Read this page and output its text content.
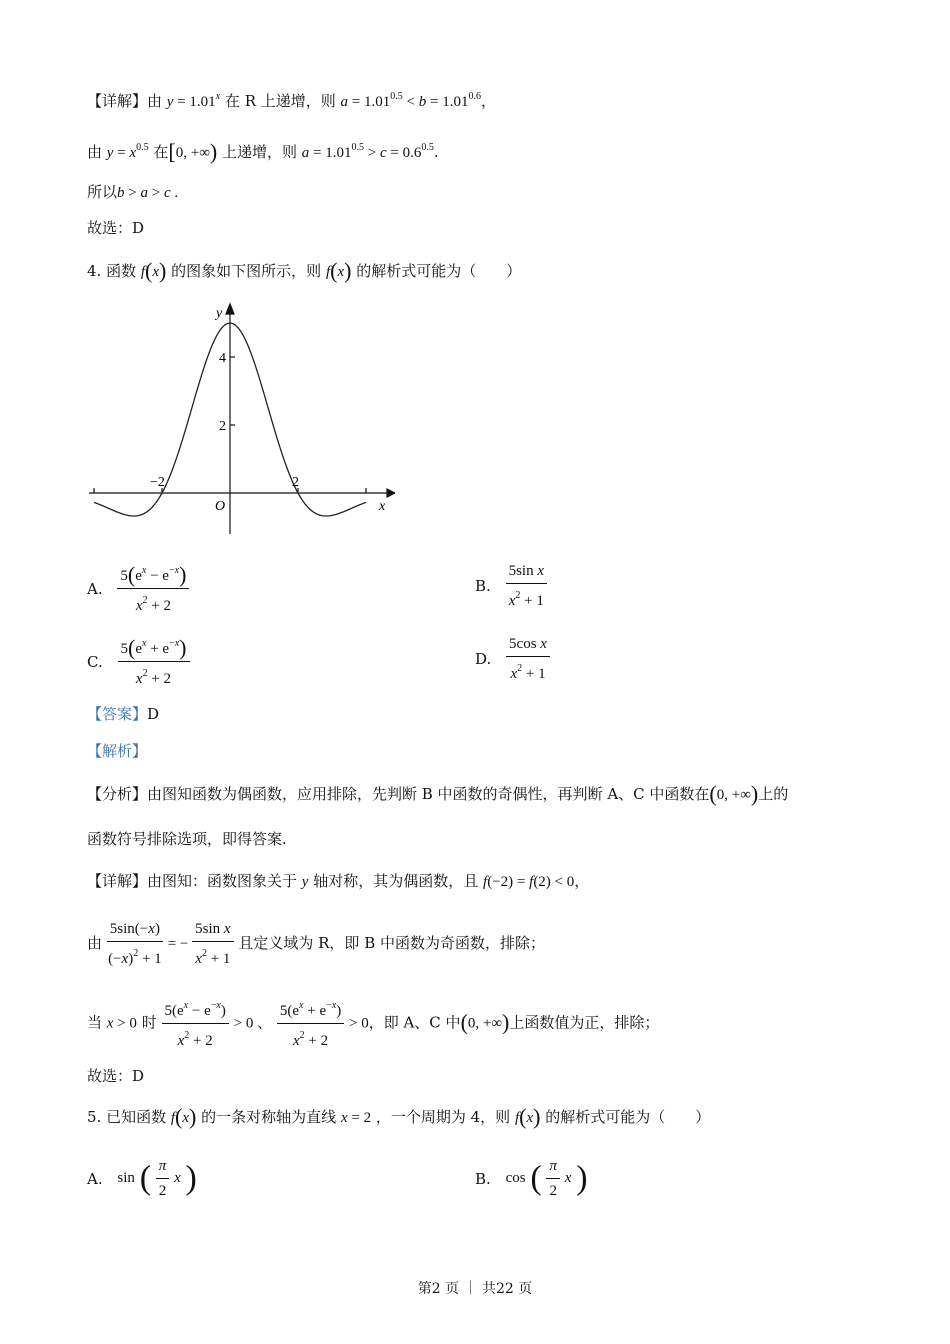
【详解】由 $y = 1.01^x$ 在 R 上递增，则 $a = 1.01^{0.5} < b = 1.01^{0.6}$，
由 $y = x^{0.5}$ 在[0, +∞) 上递增，则 $a = 1.01^{0.5} > c = 0.6^{0.5}$.
所以b > a > c .
故选：D
4. 函数 f(x) 的图象如下图所示，则 f(x) 的解析式可能为（　　）
−2	2
2
4
O	x
y
A. $\frac{5(e^x - e^{-x})}{x^2 + 2}$	B. $\frac{\text{5sin x}}{x^2 + 1}$
C. $\frac{5(e^x + e^{-x})}{x^2 + 2}$	D. $\frac{\text{5cos x}}{x^2 + 1}$
【答案】D
【解析】
【分析】由图知函数为偶函数，应用排除，先判断 B 中函数的奇偶性，再判断 A、C 中函数在(0, +∞)上的
函数符号排除选项，即得答案.
【详解】由图知：函数图象关于 y 轴对称，其为偶函数，且 f(−2) = f(2) < 0，
由 $\frac{5\sin(-x)}{(-x)^2 + 1}$ = − $\frac{\text{5sin x}}{x^2 + 1}$ 且定义域为 R，即 B 中函数为奇函数，排除；
当 x > 0 时 $\frac{5(e^x - e^{-x})}{x^2 + 2} > 0$ 、 $\frac{5(e^x + e^{-x})}{x^2 + 2} > 0$，即 A、C 中(0, +∞)上函数值为正，排除；
故选：D
5. 已知函数 f(x) 的一条对称轴为直线 x = 2 ，一个周期为 4，则 f(x) 的解析式可能为（　　）
A. sin ( $\frac{\pi}{2}$ x )	B. cos ( $\frac{\pi}{2}$ x )
第2 页 ｜ 共22 页
